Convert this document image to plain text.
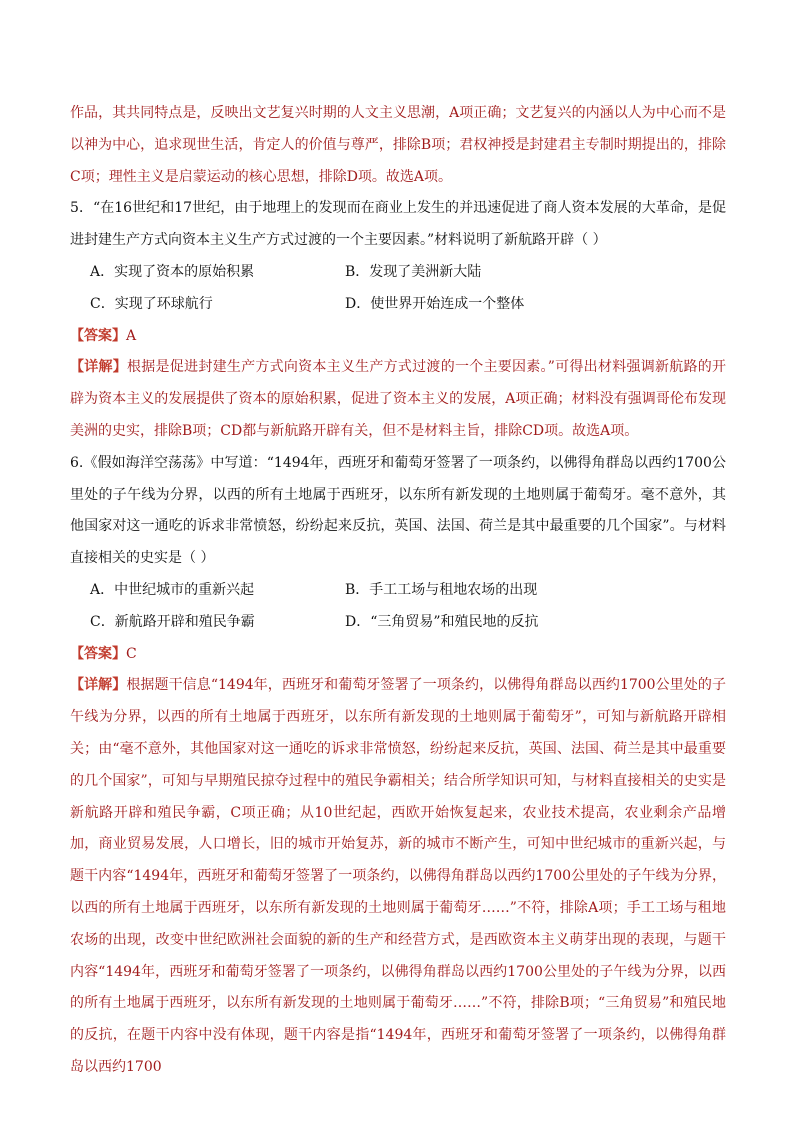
作品，其共同特点是，反映出文艺复兴时期的人文主义思潮，A项正确；文艺复兴的内涵以人为中心而不是以神为中心，追求现世生活，肯定人的价值与尊严，排除B项；君权神授是封建君主专制时期提出的，排除C项；理性主义是启蒙运动的核心思想，排除D项。故选A项。

5．“在16世纪和17世纪，由于地理上的发现而在商业上发生的并迅速促进了商人资本发展的大革命，是促进封建生产方式向资本主义生产方式过渡的一个主要因素。”材料说明了新航路开辟（ ）

A．实现了资本的原始积累	B．发现了美洲新大陆
C．实现了环球航行	D．使世界开始连成一个整体

【答案】A

【详解】根据是促进封建生产方式向资本主义生产方式过渡的一个主要因素。”可得出材料强调新航路的开辟为资本主义的发展提供了资本的原始积累，促进了资本主义的发展，A项正确；材料没有强调哥伦布发现美洲的史实，排除B项；CD都与新航路开辟有关，但不是材料主旨，排除CD项。故选A项。

6.《假如海洋空荡荡》中写道：“1494年，西班牙和葡萄牙签署了一项条约，以佛得角群岛以西约1700公里处的子午线为分界，以西的所有土地属于西班牙，以东所有新发现的土地则属于葡萄牙。毫不意外，其他国家对这一通吃的诉求非常愤怒，纷纷起来反抗，英国、法国、荷兰是其中最重要的几个国家”。与材料直接相关的史实是（ ）

A．中世纪城市的重新兴起	B．手工工场与租地农场的出现
C．新航路开辟和殖民争霸	D．“三角贸易”和殖民地的反抗

【答案】C

【详解】根据题干信息“1494年，西班牙和葡萄牙签署了一项条约，以佛得角群岛以西约1700公里处的子午线为分界，以西的所有土地属于西班牙，以东所有新发现的土地则属于葡萄牙”，可知与新航路开辟相关；由“毫不意外，其他国家对这一通吃的诉求非常愤怒，纷纷起来反抗，英国、法国、荷兰是其中最重要的几个国家”，可知与早期殖民掠夺过程中的殖民争霸相关；结合所学知识可知，与材料直接相关的史实是新航路开辟和殖民争霸，C项正确；从10世纪起，西欧开始恢复起来，农业技术提高，农业剩余产品增加，商业贸易发展，人口增长，旧的城市开始复苏，新的城市不断产生，可知中世纪城市的重新兴起，与题干内容“1494年，西班牙和葡萄牙签署了一项条约，以佛得角群岛以西约1700公里处的子午线为分界，以西的所有土地属于西班牙，以东所有新发现的土地则属于葡萄牙……”不符，排除A项；手工工场与租地农场的出现，改变中世纪欧洲社会面貌的新的生产和经营方式，是西欧资本主义萌芽出现的表现，与题干内容“1494年，西班牙和葡萄牙签署了一项条约，以佛得角群岛以西约1700公里处的子午线为分界，以西的所有土地属于西班牙，以东所有新发现的土地则属于葡萄牙……”不符，排除B项；“三角贸易”和殖民地的反抗，在题干内容中没有体现，题干内容是指“1494年，西班牙和葡萄牙签署了一项条约，以佛得角群岛以西约1700
